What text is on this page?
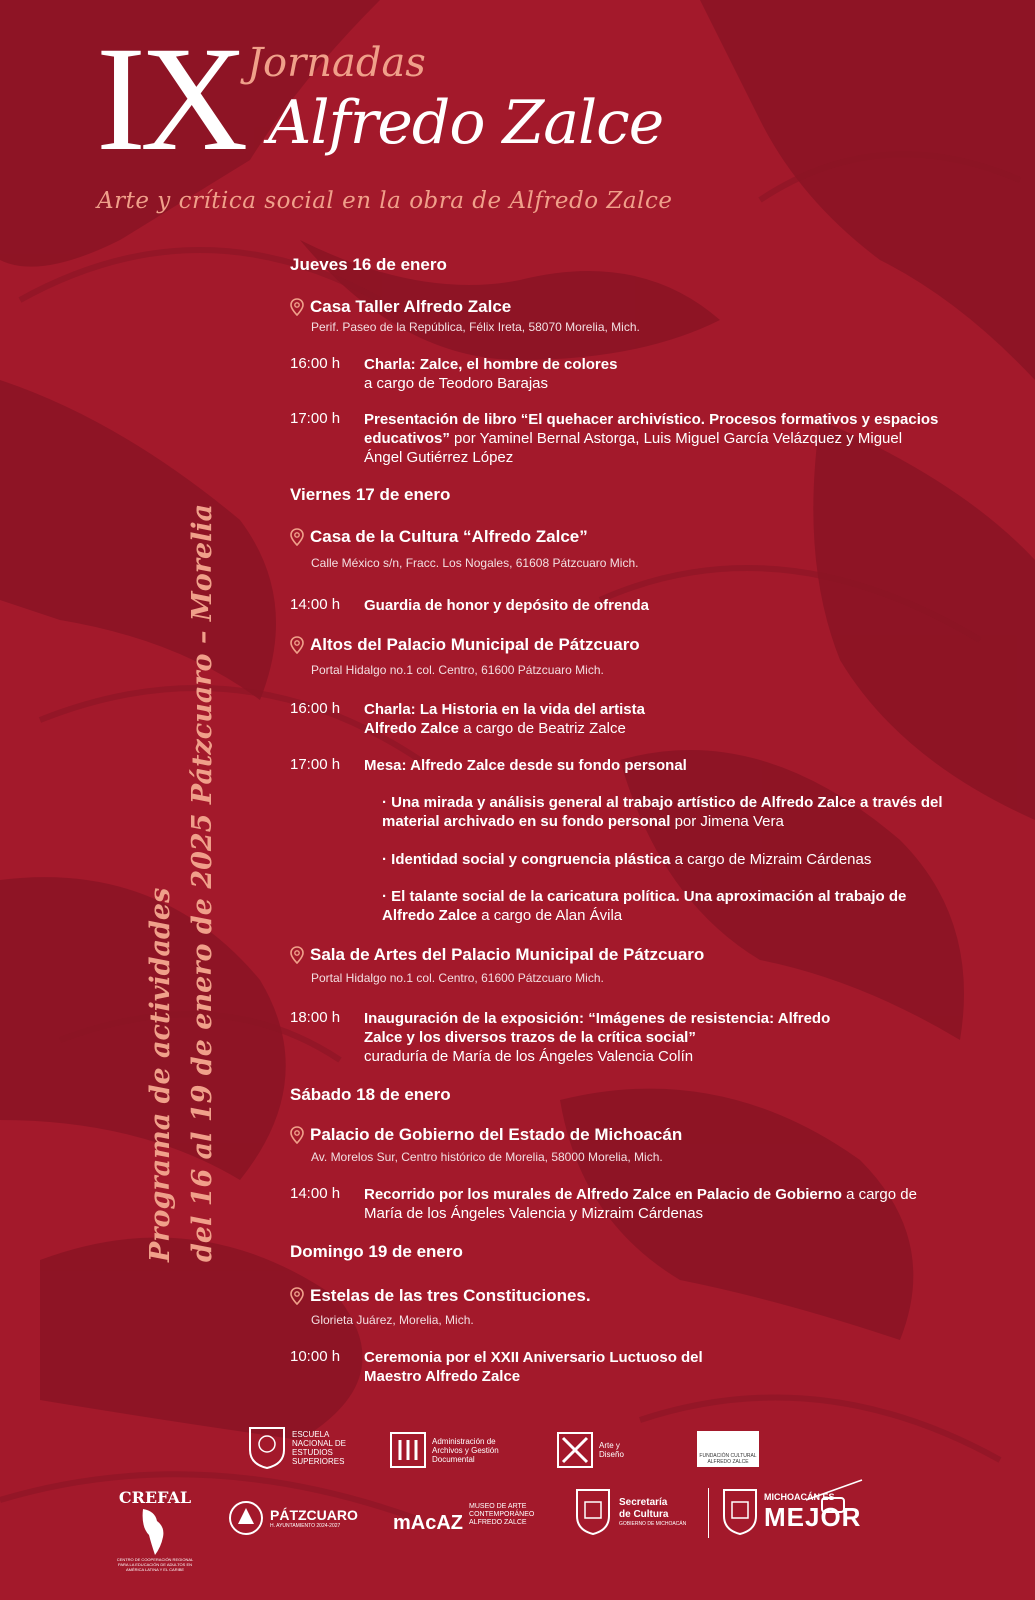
IX Jornadas
Alfredo Zalce
Arte y crítica social en la obra de Alfredo Zalce
Programa de actividades del 16 al 19 de enero de 2025 Pátzcuaro – Morelia
Jueves 16 de enero
Casa Taller Alfredo Zalce
Perif. Paseo de la República, Félix Ireta, 58070 Morelia, Mich.
16:00 h Charla: Zalce, el hombre de colores
a cargo de Teodoro Barajas
17:00 h Presentación de libro “El quehacer archivístico. Procesos formativos y espacios educativos” por Yaminel Bernal Astorga, Luis Miguel García Velázquez y Miguel Ángel Gutiérrez López
Viernes 17 de enero
Casa de la Cultura “Alfredo Zalce”
Calle México s/n, Fracc. Los Nogales, 61608 Pátzcuaro Mich.
14:00 h Guardia de honor y depósito de ofrenda
Altos del Palacio Municipal de Pátzcuaro
Portal Hidalgo no.1 col. Centro, 61600 Pátzcuaro Mich.
16:00 h Charla: La Historia en la vida del artista Alfredo Zalce a cargo de Beatriz Zalce
17:00 h Mesa: Alfredo Zalce desde su fondo personal
· Una mirada y análisis general al trabajo artístico de Alfredo Zalce a través del material archivado en su fondo personal por Jimena Vera
· Identidad social y congruencia plástica a cargo de Mizraim Cárdenas
· El talante social de la caricatura política. Una aproximación al trabajo de Alfredo Zalce a cargo de Alan Ávila
Sala de Artes del Palacio Municipal de Pátzcuaro
Portal Hidalgo no.1 col. Centro, 61600 Pátzcuaro Mich.
18:00 h Inauguración de la exposición: “Imágenes de resistencia: Alfredo Zalce y los diversos trazos de la crítica social”
curaduría de María de los Ángeles Valencia Colín
Sábado 18 de enero
Palacio de Gobierno del Estado de Michoacán
Av. Morelos Sur, Centro histórico de Morelia, 58000 Morelia, Mich.
14:00 h Recorrido por los murales de Alfredo Zalce en Palacio de Gobierno a cargo de María de los Ángeles Valencia y Mizraim Cárdenas
Domingo 19 de enero
Estelas de las tres Constituciones.
Glorieta Juárez, Morelia, Mich.
10:00 h Ceremonia por el XXII Aniversario Luctuoso del Maestro Alfredo Zalce
ESCUELA NACIONAL DE ESTUDIOS SUPERIORES
Administración de Archivos y Gestión Documental
Arte y Diseño	FUNDACIÓN CULTURAL ALFREDO ZALCE
CREFAL
CENTRO DE COOPERACIÓN REGIONAL PARA LA EDUCACIÓN DE ADULTOS EN AMÉRICA LATINA Y EL CARIBE
PÁTZCUARO
H. AYUNTAMIENTO 2024-2027	mAcAZ
MUSEO DE ARTE CONTEMPORÁNEO ALFREDO ZALCE
Secretaría de Cultura
GOBIERNO DE MICHOACÁN
MICHOACÁN ES
MEJOR
